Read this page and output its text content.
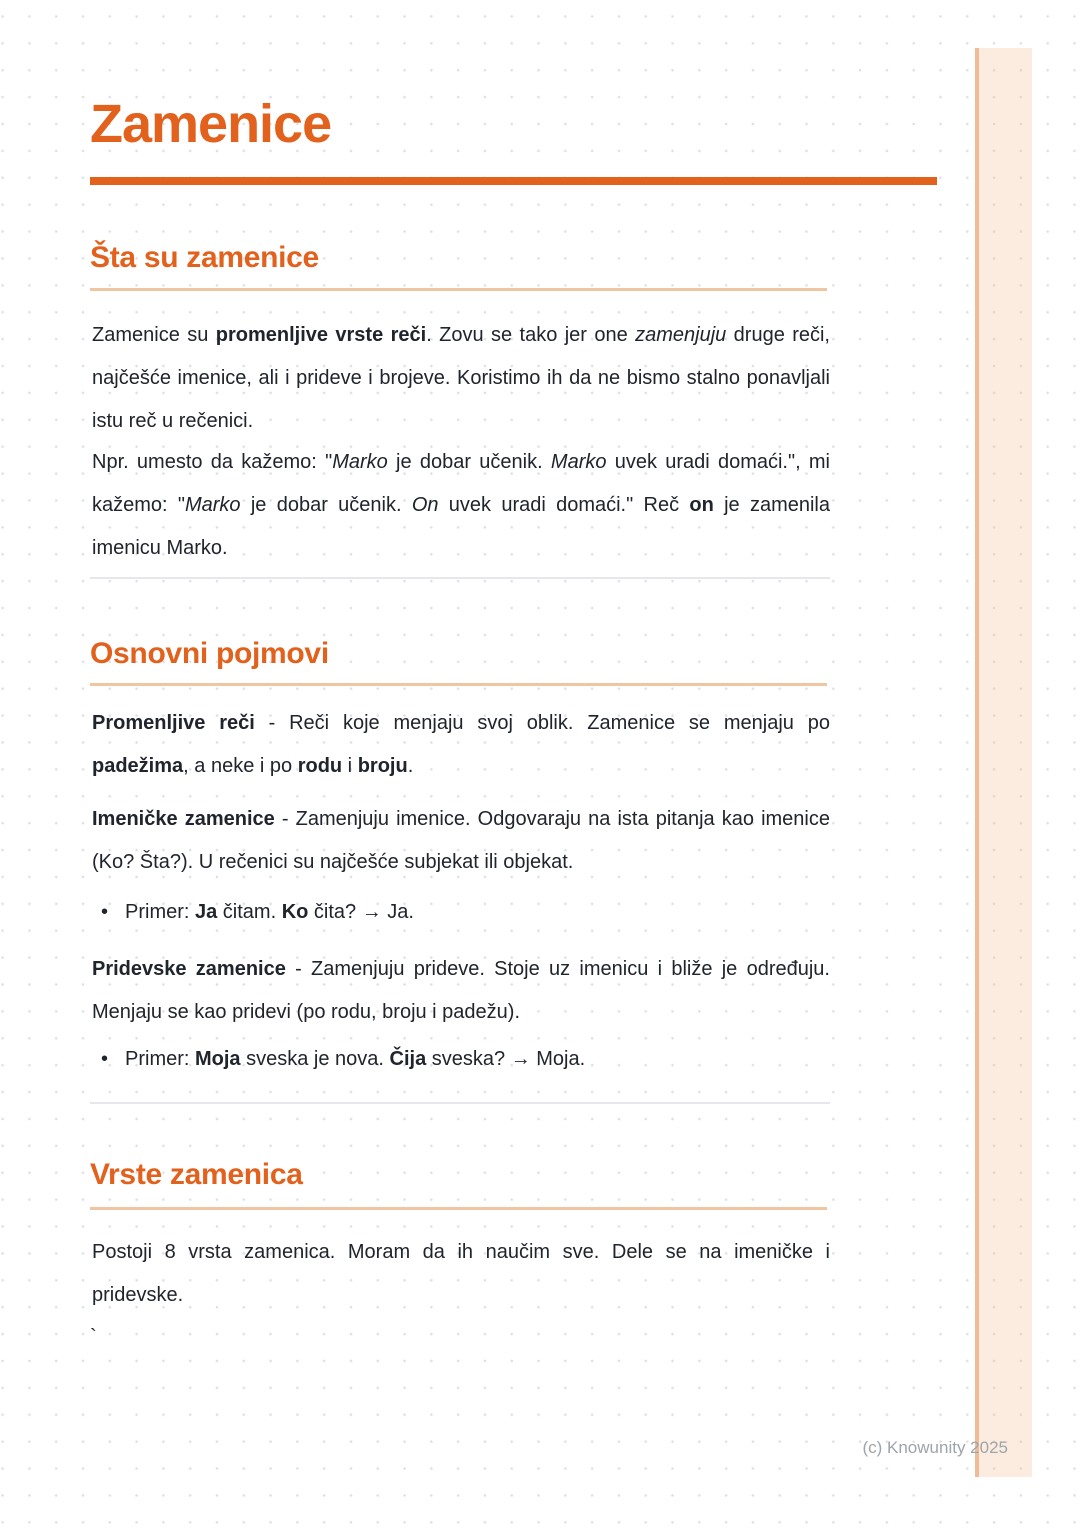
Zamenice
Šta su zamenice

Zamenice su promenljive vrste reči. Zovu se tako jer one zamenjuju druge reči, najčešće imenice, ali i prideve i brojeve. Koristimo ih da ne bismo stalno ponavljali istu reč u rečenici.

Npr. umesto da kažemo: "Marko je dobar učenik. Marko uvek uradi domaći.", mi kažemo: "Marko je dobar učenik. On uvek uradi domaći." Reč on je zamenila imenicu Marko.

Osnovni pojmovi

Promenljive reči - Reči koje menjaju svoj oblik. Zamenice se menjaju po padežima, a neke i po rodu i broju.

Imeničke zamenice - Zamenjuju imenice. Odgovaraju na ista pitanja kao imenice (Ko? Šta?). U rečenici su najčešće subjekat ili objekat.

• Primer: Ja čitam. Ko čita? → Ja.

Pridevske zamenice - Zamenjuju prideve. Stoje uz imenicu i bliže je određuju. Menjaju se kao pridevi (po rodu, broju i padežu).

• Primer: Moja sveska je nova. Čija sveska? → Moja.
Vrste zamenica

Postoji 8 vrsta zamenica. Moram da ih naučim sve. Dele se na imeničke i pridevske.

`
(c) Knowunity 2025
